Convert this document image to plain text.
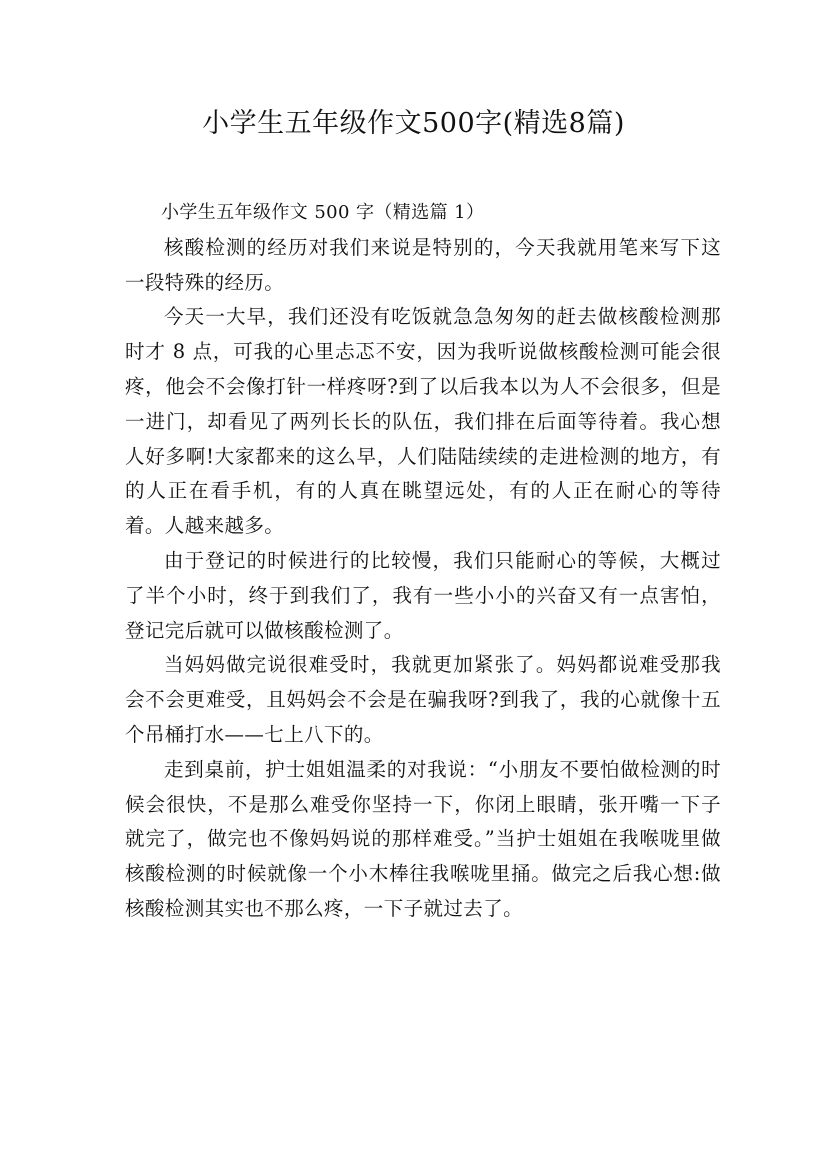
小学生五年级作文500字(精选8篇)

小学生五年级作文 500 字（精选篇 1）

核酸检测的经历对我们来说是特别的，今天我就用笔来写下这一段特殊的经历。

今天一大早，我们还没有吃饭就急急匆匆的赶去做核酸检测那时才 8 点，可我的心里忐忑不安，因为我听说做核酸检测可能会很疼，他会不会像打针一样疼呀?到了以后我本以为人不会很多，但是一进门，却看见了两列长长的队伍，我们排在后面等待着。我心想人好多啊!大家都来的这么早，人们陆陆续续的走进检测的地方，有的人正在看手机，有的人真在眺望远处，有的人正在耐心的等待着。人越来越多。

由于登记的时候进行的比较慢，我们只能耐心的等候，大概过了半个小时，终于到我们了，我有一些小小的兴奋又有一点害怕，登记完后就可以做核酸检测了。

当妈妈做完说很难受时，我就更加紧张了。妈妈都说难受那我会不会更难受，且妈妈会不会是在骗我呀?到我了，我的心就像十五个吊桶打水——七上八下的。

走到桌前，护士姐姐温柔的对我说：“小朋友不要怕做检测的时候会很快，不是那么难受你坚持一下，你闭上眼睛，张开嘴一下子就完了，做完也不像妈妈说的那样难受。”当护士姐姐在我喉咙里做核酸检测的时候就像一个小木棒往我喉咙里捅。做完之后我心想:做核酸检测其实也不那么疼，一下子就过去了。
